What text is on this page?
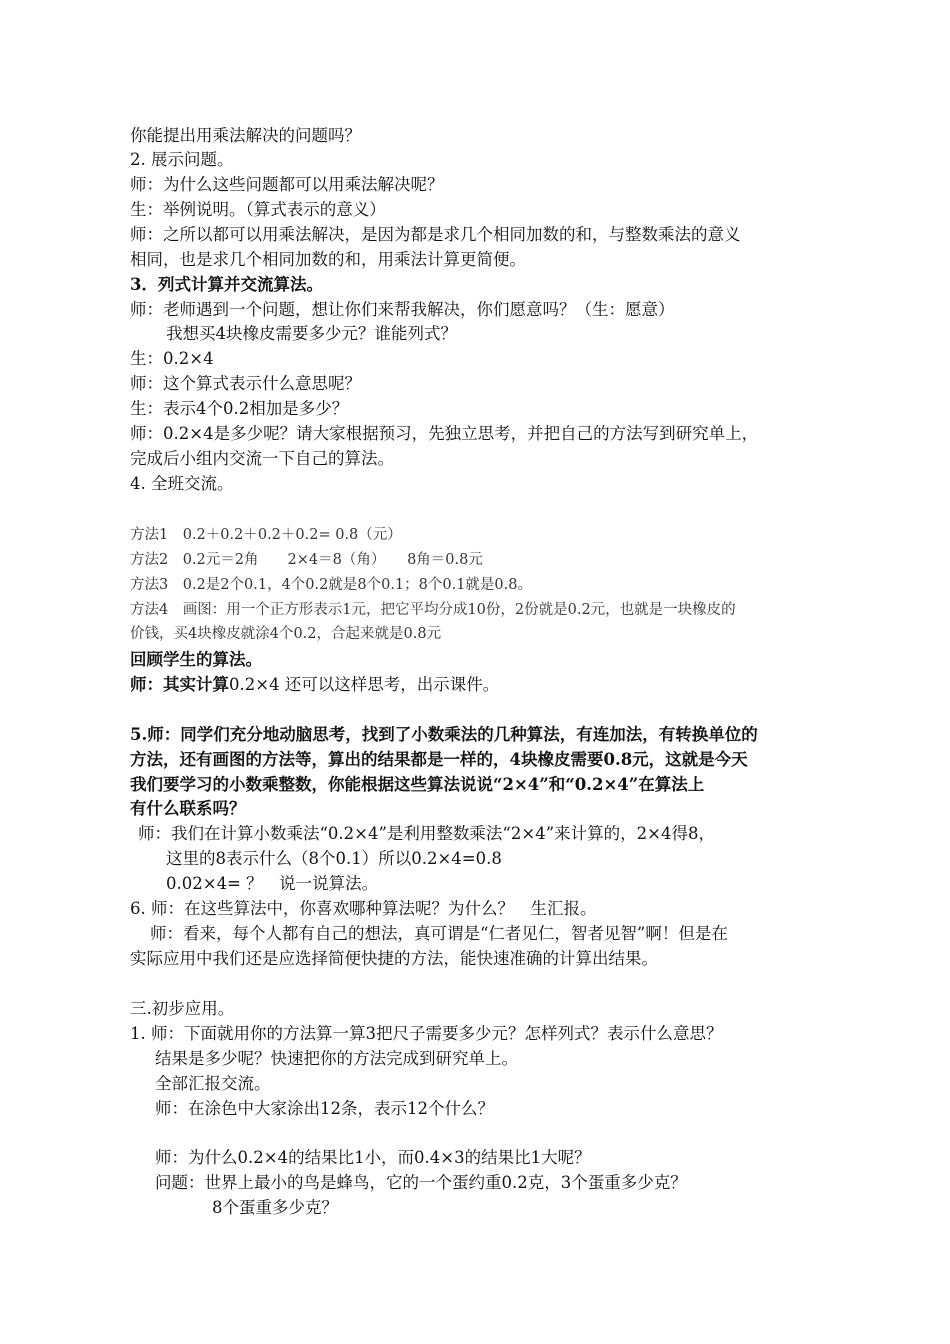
你能提出用乘法解决的问题吗？
2. 展示问题。
师：为什么这些问题都可以用乘法解决呢？
生：举例说明。（算式表示的意义）
师：之所以都可以用乘法解决，是因为都是求几个相同加数的和，与整数乘法的意义
相同，也是求几个相同加数的和，用乘法计算更简便。
3．列式计算并交流算法。
师：老师遇到一个问题，想让你们来帮我解决，你们愿意吗？（生：愿意）
我想买4块橡皮需要多少元？谁能列式？
生：0.2×4
师：这个算式表示什么意思呢？
生：表示4个0.2相加是多少？
师：0.2×4是多少呢？请大家根据预习，先独立思考，并把自己的方法写到研究单上，
完成后小组内交流一下自己的算法。
4. 全班交流。
方法1　0.2＋0.2＋0.2＋0.2= 0.8（元）
方法2　0.2元＝2角　　2×4＝8（角）　　8角＝0.8元
方法3　0.2是2个0.1，4个0.2就是8个0.1；8个0.1就是0.8。
方法4　画图：用一个正方形表示1元，把它平均分成10份，2份就是0.2元，也就是一块橡皮的
价钱，买4块橡皮就涂4个0.2，合起来就是0.8元
回顾学生的算法。
师：其实计算0.2×4 还可以这样思考，出示课件。
5.师：同学们充分地动脑思考，找到了小数乘法的几种算法，有连加法，有转换单位的
方法，还有画图的方法等，算出的结果都是一样的，4块橡皮需要0.8元，这就是今天
我们要学习的小数乘整数，你能根据这些算法说说“2×4”和“0.2×4”在算法上
有什么联系吗？
师：我们在计算小数乘法“0.2×4”是利用整数乘法“2×4”来计算的，2×4得8，
这里的8表示什么（8个0.1）所以0.2×4=0.8
0.02×4= ？　说一说算法。
6. 师：在这些算法中，你喜欢哪种算法呢？为什么？　生汇报。
师：看来，每个人都有自己的想法，真可谓是“仁者见仁，智者见智”啊！但是在
实际应用中我们还是应选择简便快捷的方法，能快速准确的计算出结果。
三.初步应用。
1. 师：下面就用你的方法算一算3把尺子需要多少元？怎样列式？表示什么意思？
结果是多少呢？快速把你的方法完成到研究单上。
全部汇报交流。
师：在涂色中大家涂出12条，表示12个什么？
师：为什么0.2×4的结果比1小，而0.4×3的结果比1大呢？
问题：世界上最小的鸟是蜂鸟，它的一个蛋约重0.2克，3个蛋重多少克？
8个蛋重多少克？
